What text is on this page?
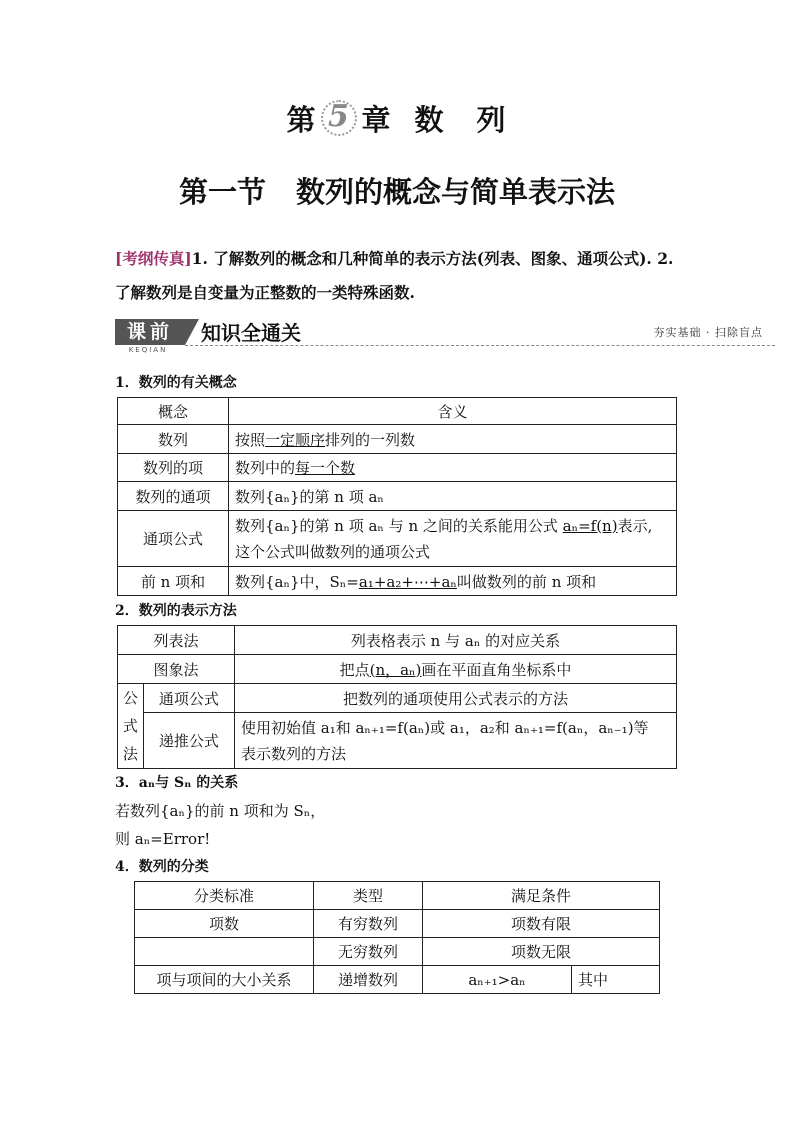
第 5 章 数　列
第一节 数列的概念与简单表示法
[考纲传真]1. 了解数列的概念和几种简单的表示方法(列表、图象、通项公式). 2. 了解数列是自变量为正整数的一类特殊函数.
课前
KEQIAN
知识全通关	夯实基础 · 扫除盲点
1．数列的有关概念
概念	含义
数列	按照一定顺序排列的一列数
数列的项	数列中的每一个数
数列的通项	数列{aₙ}的第 n 项 aₙ
通项公式	数列{aₙ}的第 n 项 aₙ 与 n 之间的关系能用公式 aₙ=f(n)表示,
这个公式叫做数列的通项公式
前 n 项和	数列{aₙ}中，Sₙ=a₁+a₂+⋯+aₙ叫做数列的前 n 项和
2．数列的表示方法
列表法		列表格表示 n 与 aₙ 的对应关系
图象法		把点(n，aₙ)画在平面直角坐标系中
公式法	通项公式	把数列的通项使用公式表示的方法
	递推公式	使用初始值 a₁和 aₙ₊₁=f(aₙ)或 a₁，a₂和 aₙ₊₁=f(aₙ，aₙ₋₁)等
表示数列的方法
3．aₙ与 Sₙ 的关系
若数列{aₙ}的前 n 项和为 Sₙ，
则 aₙ=Error!
4．数列的分类
分类标准	类型	满足条件	
项数	有穷数列	项数有限	
	无穷数列	项数无限	
项与项间的大小关系	递增数列	aₙ₊₁>aₙ	其中
